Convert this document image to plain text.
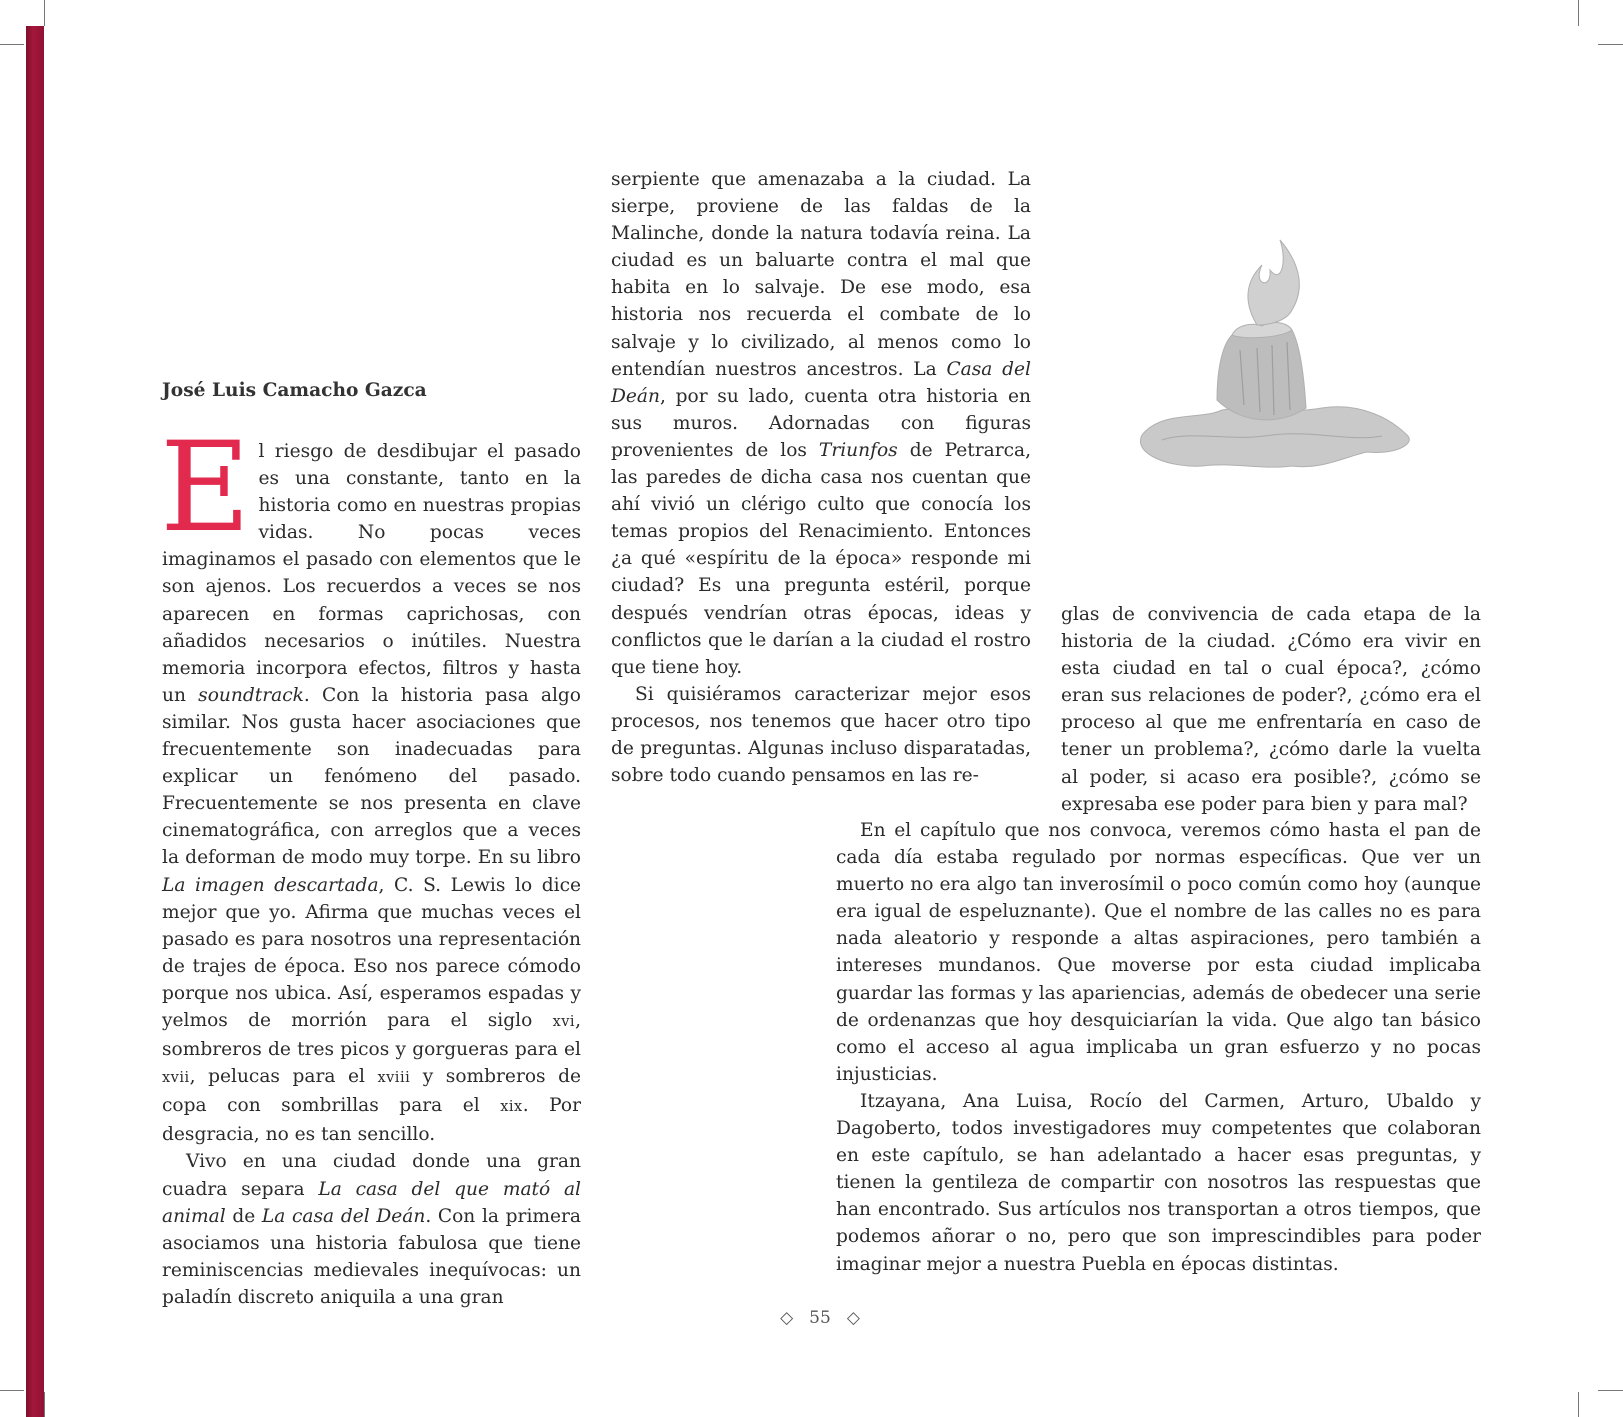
José Luis Camacho Gazca

El riesgo de desdibujar el pasado es una constante, tanto en la historia como en nuestras propias vidas. No pocas veces imaginamos el pasado con elementos que le son ajenos. Los recuerdos a veces se nos aparecen en formas caprichosas, con añadidos necesarios o inútiles. Nuestra memoria incorpora efectos, filtros y hasta un soundtrack. Con la historia pasa algo similar. Nos gusta hacer asociaciones que frecuentemente son inadecuadas para explicar un fenómeno del pasado. Frecuentemente se nos presenta en clave cinematográfica, con arreglos que a veces la deforman de modo muy torpe. En su libro La imagen descartada, C. S. Lewis lo dice mejor que yo. Afirma que muchas veces el pasado es para nosotros una representación de trajes de época. Eso nos parece cómodo porque nos ubica. Así, esperamos espadas y yelmos de morrión para el siglo xvi, sombreros de tres picos y gorgueras para el xvii, pelucas para el xviii y sombreros de copa con sombrillas para el xix. Por desgracia, no es tan sencillo.

Vivo en una ciudad donde una gran cuadra separa La casa del que mató al animal de La casa del Deán. Con la primera asociamos una historia fabulosa que tiene reminiscencias medievales inequívocas: un paladín discreto aniquila a una gran

serpiente que amenazaba a la ciudad. La sierpe, proviene de las faldas de la Malinche, donde la natura todavía reina. La ciudad es un baluarte contra el mal que habita en lo salvaje. De ese modo, esa historia nos recuerda el combate de lo salvaje y lo civilizado, al menos como lo entendían nuestros ancestros. La Casa del Deán, por su lado, cuenta otra historia en sus muros. Adornadas con figuras provenientes de los Triunfos de Petrarca, las paredes de dicha casa nos cuentan que ahí vivió un clérigo culto que conocía los temas propios del Renacimiento. Entonces ¿a qué «espíritu de la época» responde mi ciudad? Es una pregunta estéril, porque después vendrían otras épocas, ideas y conflictos que le darían a la ciudad el rostro que tiene hoy.

Si quisiéramos caracterizar mejor esos procesos, nos tenemos que hacer otro tipo de preguntas. Algunas incluso disparatadas, sobre todo cuando pensamos en las re-

glas de convivencia de cada etapa de la historia de la ciudad. ¿Cómo era vivir en esta ciudad en tal o cual época?, ¿cómo eran sus relaciones de poder?, ¿cómo era el proceso al que me enfrentaría en caso de tener un problema?, ¿cómo darle la vuelta al poder, si acaso era posible?, ¿cómo se expresaba ese poder para bien y para mal?

En el capítulo que nos convoca, veremos cómo hasta el pan de cada día estaba regulado por normas específicas. Que ver un muerto no era algo tan inverosímil o poco común como hoy (aunque era igual de espeluznante). Que el nombre de las calles no es para nada aleatorio y responde a altas aspiraciones, pero también a intereses mundanos. Que moverse por esta ciudad implicaba guardar las formas y las apariencias, además de obedecer una serie de ordenanzas que hoy desquiciarían la vida. Que algo tan básico como el acceso al agua implicaba un gran esfuerzo y no pocas injusticias.

Itzayana, Ana Luisa, Rocío del Carmen, Arturo, Ubaldo y Dagoberto, todos investigadores muy competentes que colaboran en este capítulo, se han adelantado a hacer esas preguntas, y tienen la gentileza de compartir con nosotros las respuestas que han encontrado. Sus artículos nos transportan a otros tiempos, que podemos añorar o no, pero que son imprescindibles para poder imaginar mejor a nuestra Puebla en épocas distintas.

◇ 55 ◇
